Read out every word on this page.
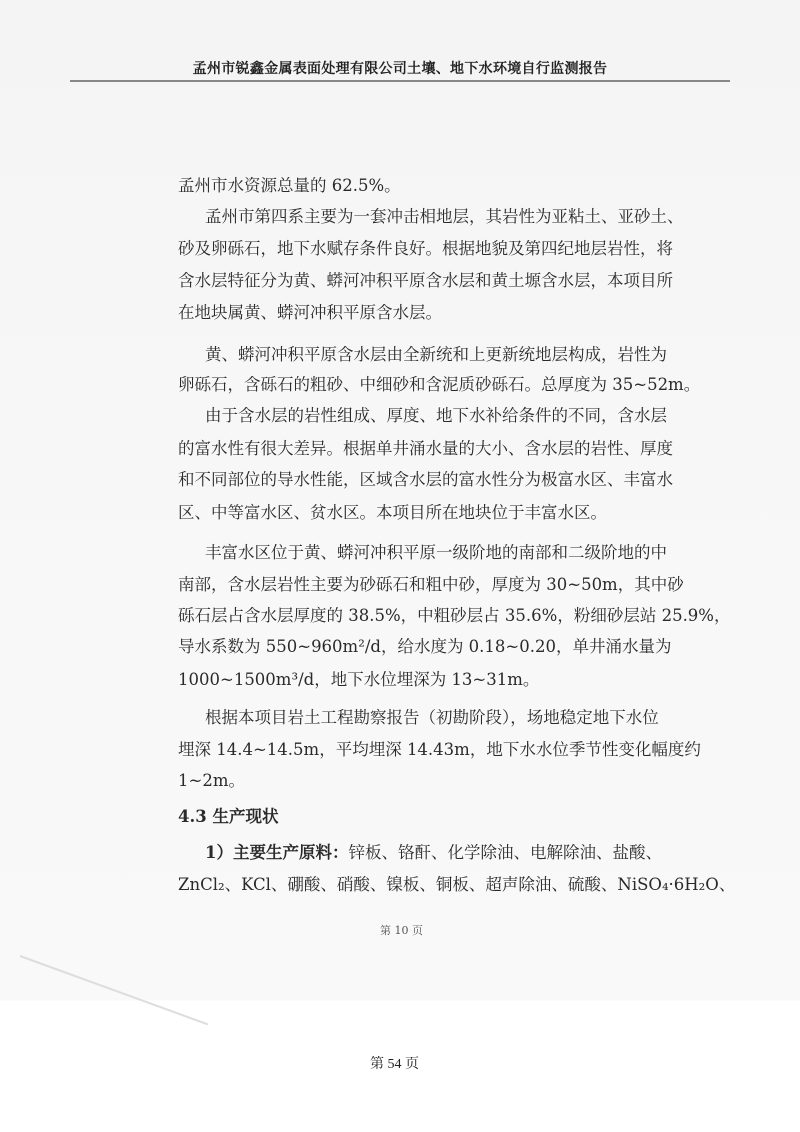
孟州市锐鑫金属表面处理有限公司土壤、地下水环境自行监测报告
孟州市水资源总量的 62.5%。
孟州市第四系主要为一套冲击相地层，其岩性为亚粘土、亚砂土、
砂及卵砾石，地下水赋存条件良好。根据地貌及第四纪地层岩性，将
含水层特征分为黄、蟒河冲积平原含水层和黄土塬含水层，本项目所
在地块属黄、蟒河冲积平原含水层。
黄、蟒河冲积平原含水层由全新统和上更新统地层构成，岩性为
卵砾石，含砾石的粗砂、中细砂和含泥质砂砾石。总厚度为 35~52m。
由于含水层的岩性组成、厚度、地下水补给条件的不同，含水层
的富水性有很大差异。根据单井涌水量的大小、含水层的岩性、厚度
和不同部位的导水性能，区域含水层的富水性分为极富水区、丰富水
区、中等富水区、贫水区。本项目所在地块位于丰富水区。
丰富水区位于黄、蟒河冲积平原一级阶地的南部和二级阶地的中
南部，含水层岩性主要为砂砾石和粗中砂，厚度为 30~50m，其中砂
砾石层占含水层厚度的 38.5%，中粗砂层占 35.6%，粉细砂层站 25.9%，
导水系数为 550~960m²/d，给水度为 0.18~0.20，单井涌水量为
1000~1500m³/d，地下水位埋深为 13~31m。
根据本项目岩土工程勘察报告（初勘阶段），场地稳定地下水位
埋深 14.4~14.5m，平均埋深 14.43m，地下水水位季节性变化幅度约
1~2m。
4.3 生产现状
1）主要生产原料：锌板、铬酐、化学除油、电解除油、盐酸、
ZnCl₂、KCl、硼酸、硝酸、镍板、铜板、超声除油、硫酸、NiSO₄·6H₂O、
第 10 页
第 54 页
